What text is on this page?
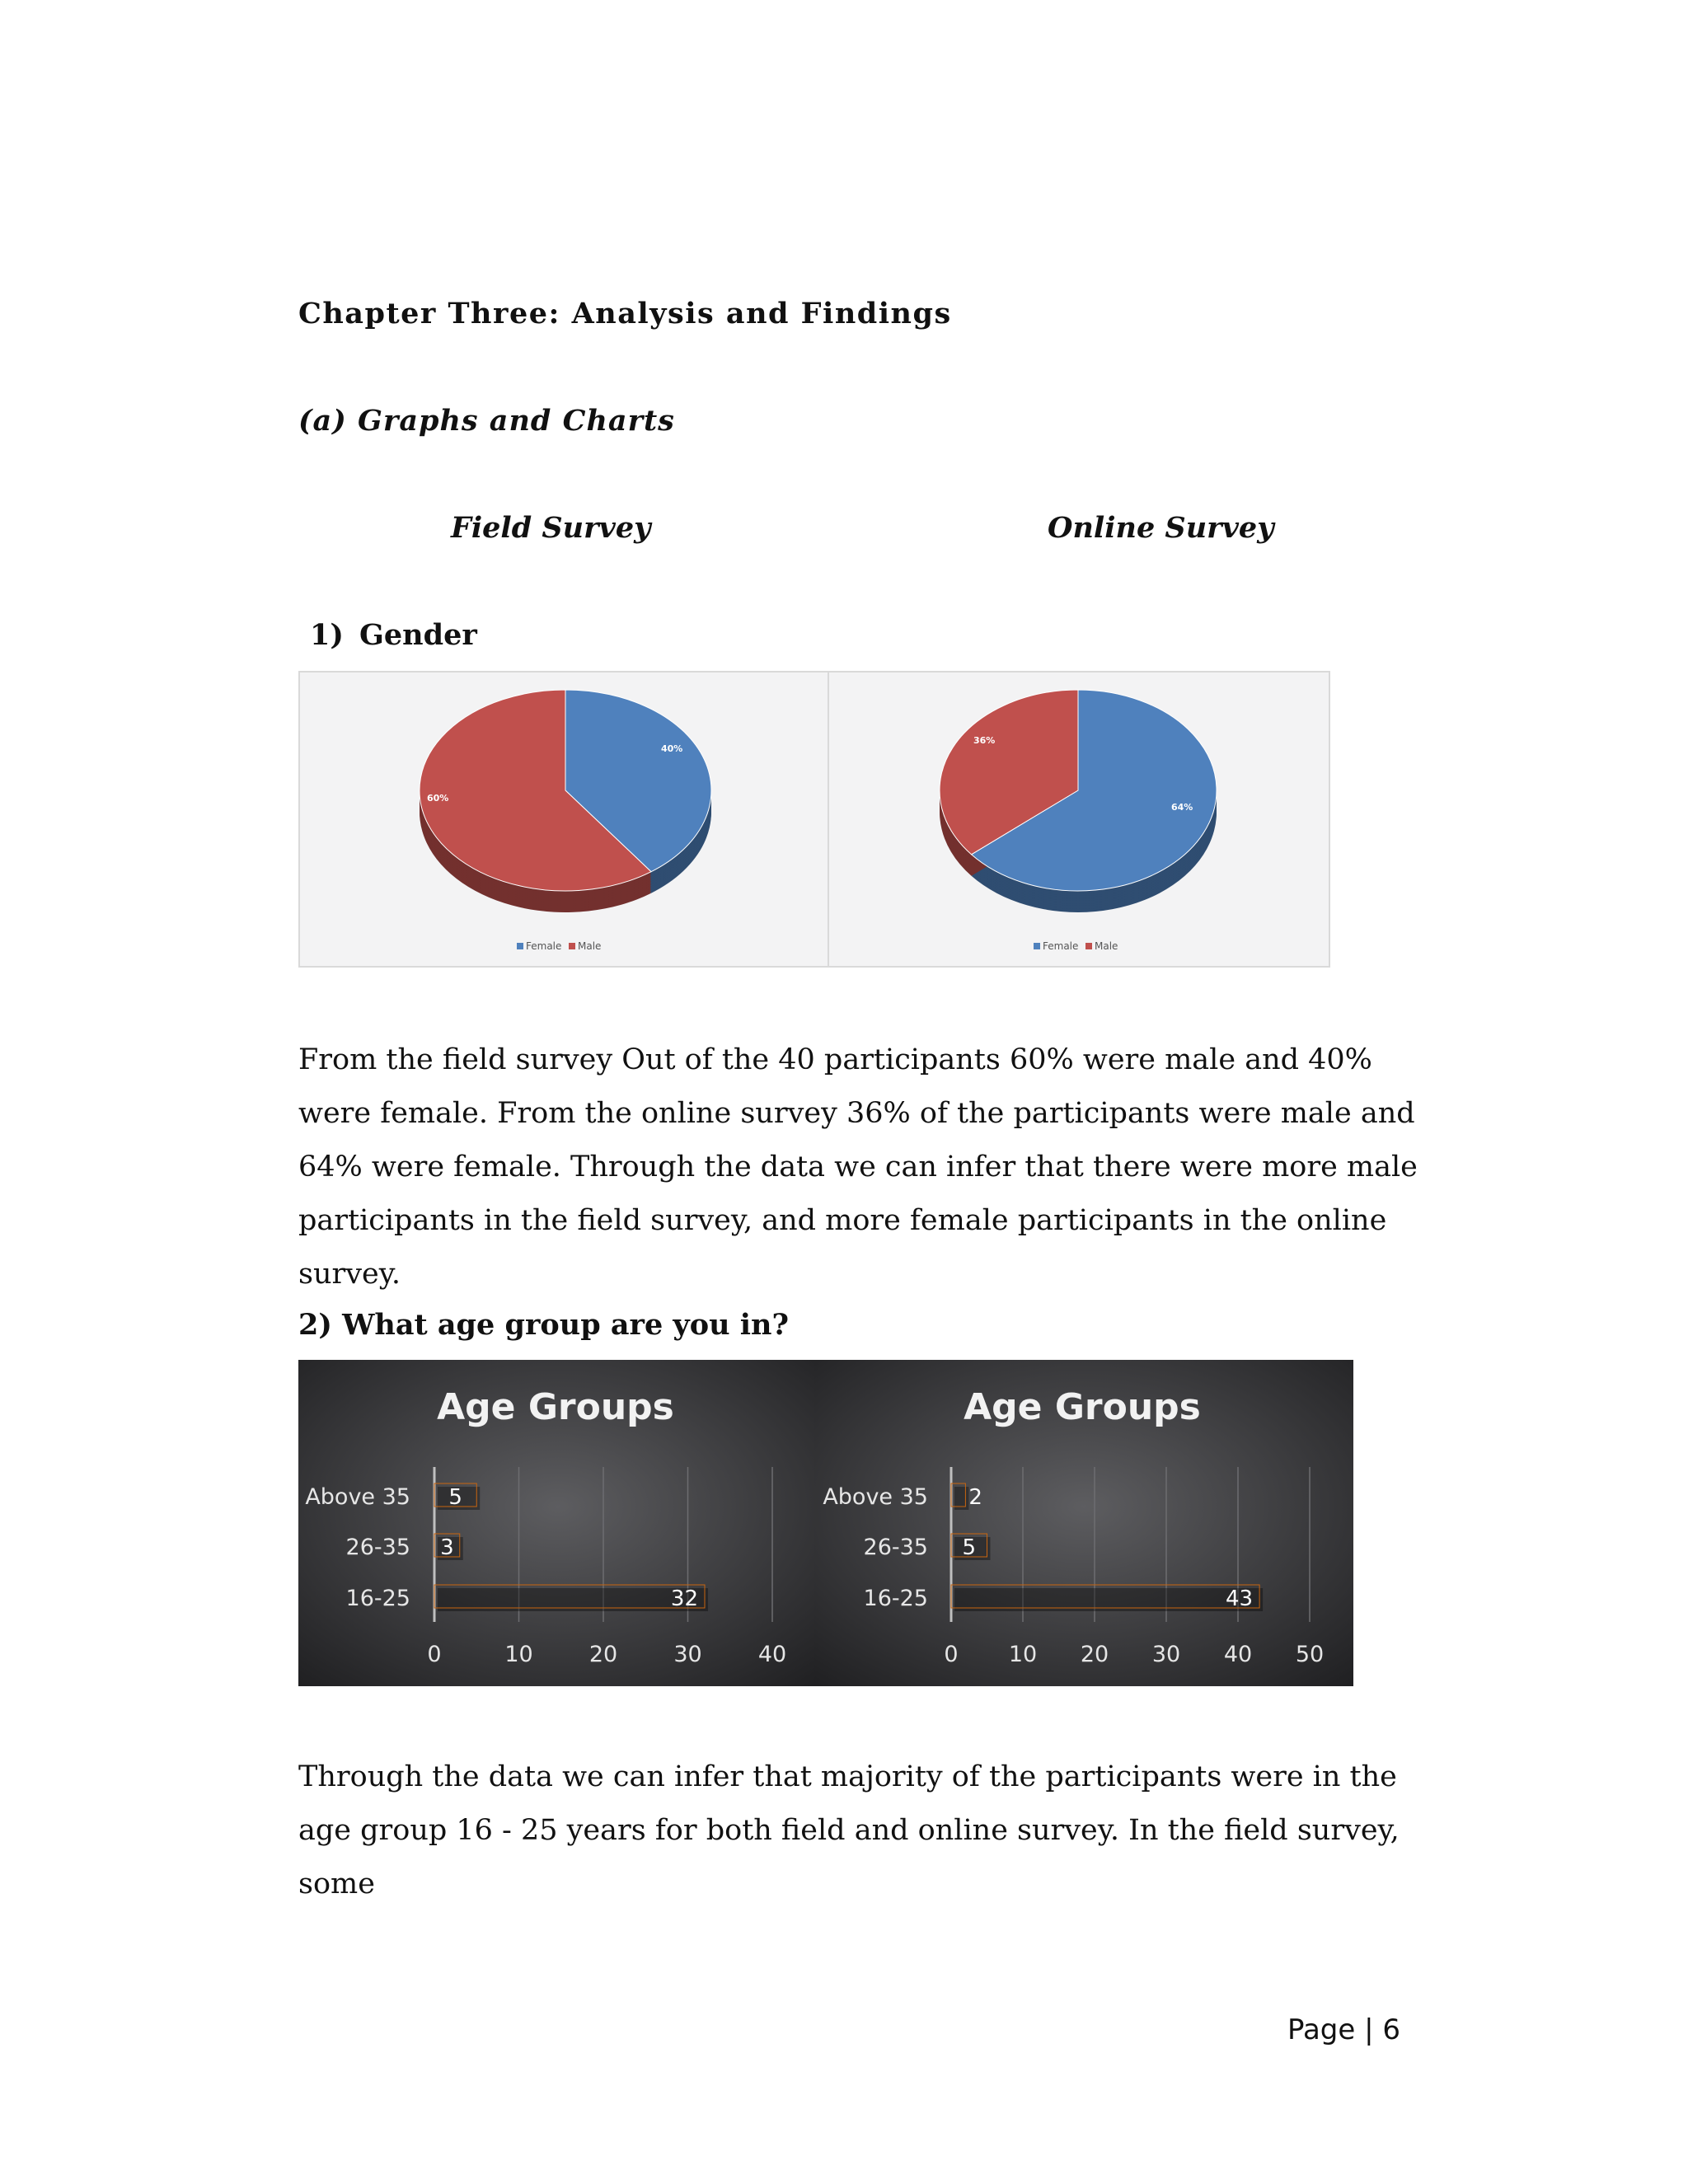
Chapter Three: Analysis and Findings
(a) Graphs and Charts
Field Survey	Online Survey
1) Gender
40%
60%
Female Male
64%
36%
Female Male
From the field survey Out of the 40 participants 60% were male and 40% were female. From the online survey 36% of the participants were male and 64% were female. Through the data we can infer that there were more male participants in the field survey, and more female participants in the online survey.
2) What age group are you in?
Age Groups
0	10	20	30	40
Above 35 5
26-35 3
16-25	32
Age Groups
0 10 20 30 40 50
Above 35 2
26-35 5
16-25	43
Through the data we can infer that majority of the participants were in the age group 16 - 25 years for both field and online survey. In the field survey, some
Page | 6
